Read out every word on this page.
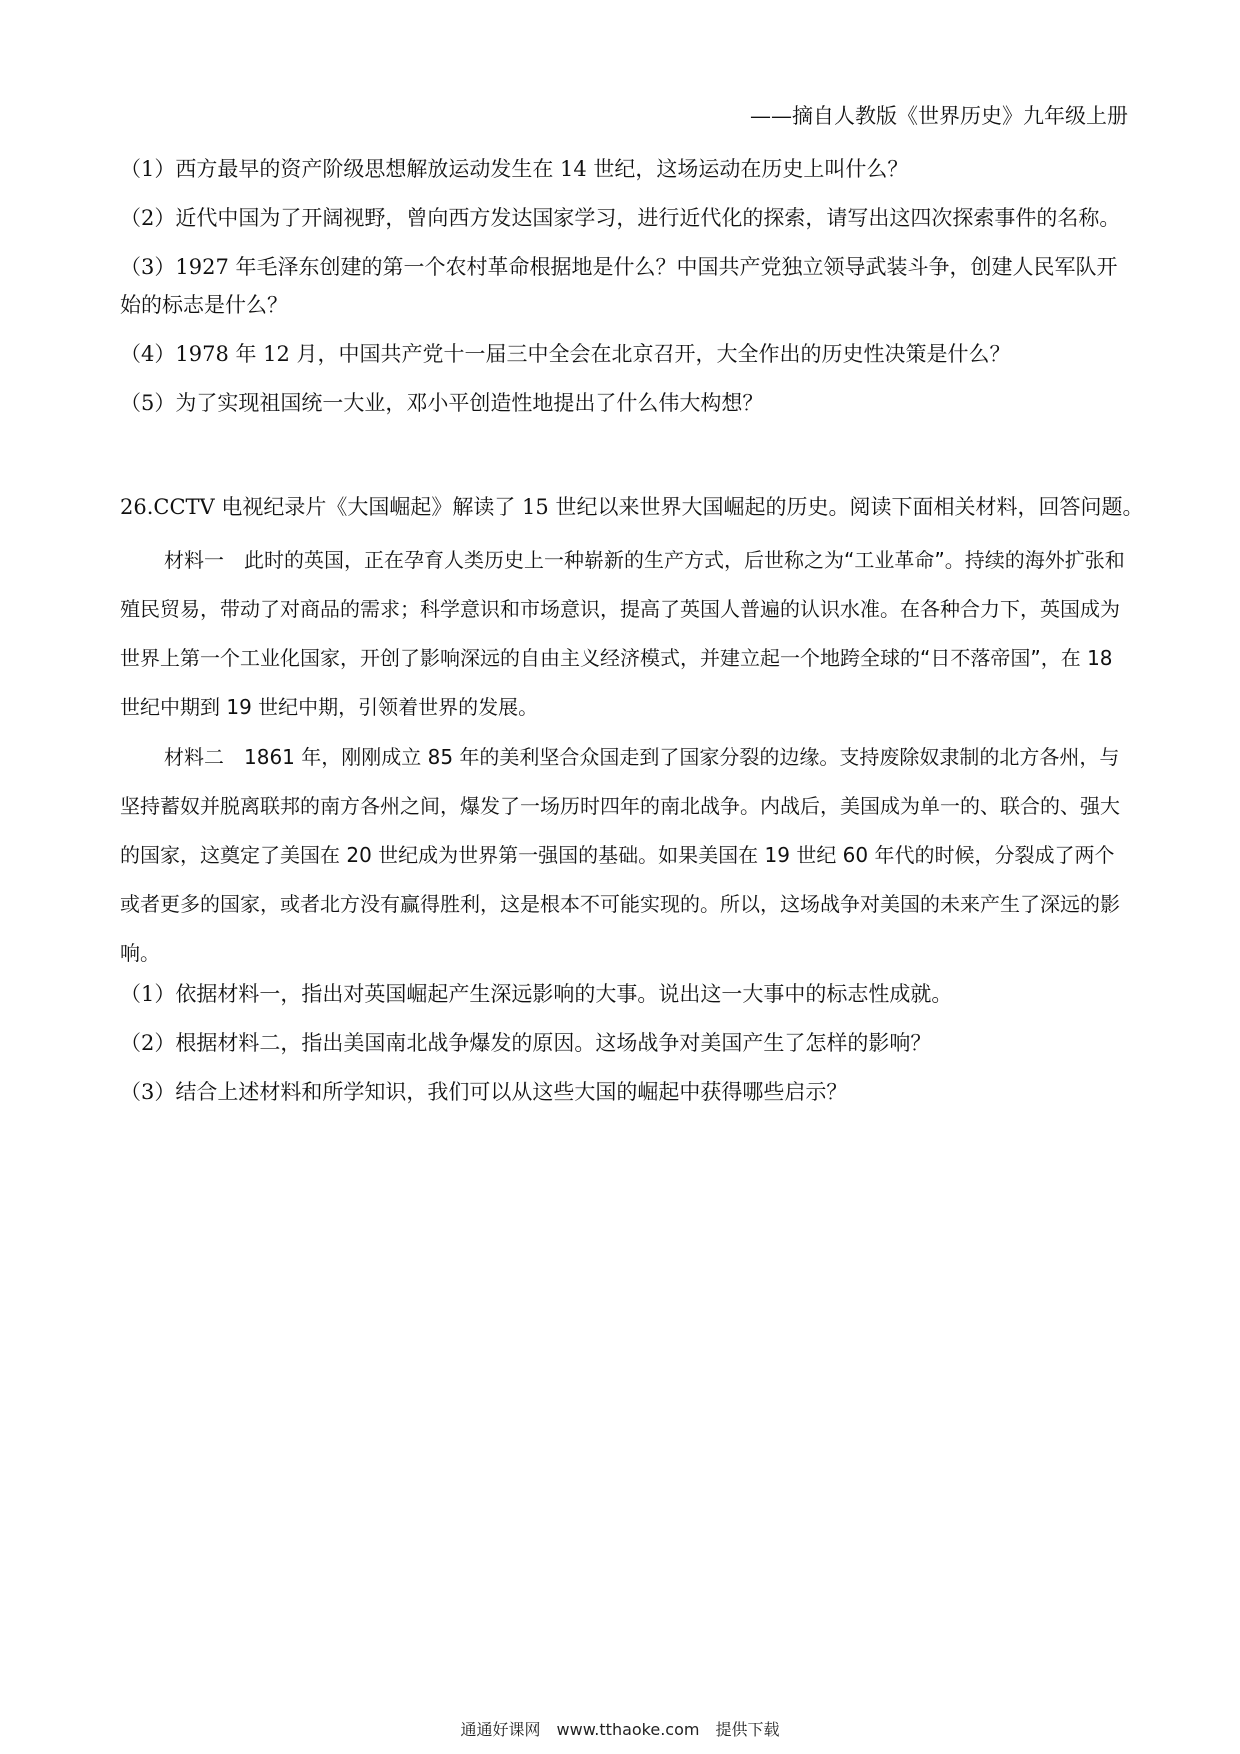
——摘自人教版《世界历史》九年级上册

（1）西方最早的资产阶级思想解放运动发生在 14 世纪，这场运动在历史上叫什么？

（2）近代中国为了开阔视野，曾向西方发达国家学习，进行近代化的探索，请写出这四次探索事件的名称。

（3）1927 年毛泽东创建的第一个农村革命根据地是什么？中国共产党独立领导武装斗争，创建人民军队开始的标志是什么？

（4）1978 年 12 月，中国共产党十一届三中全会在北京召开，大全作出的历史性决策是什么？

（5）为了实现祖国统一大业，邓小平创造性地提出了什么伟大构想？

26.CCTV 电视纪录片《大国崛起》解读了 15 世纪以来世界大国崛起的历史。阅读下面相关材料，回答问题。

材料一　此时的英国，正在孕育人类历史上一种崭新的生产方式，后世称之为“工业革命”。持续的海外扩张和殖民贸易，带动了对商品的需求；科学意识和市场意识，提高了英国人普遍的认识水准。在各种合力下，英国成为世界上第一个工业化国家，开创了影响深远的自由主义经济模式，并建立起一个地跨全球的“日不落帝国”，在 18 世纪中期到 19 世纪中期，引领着世界的发展。

材料二　1861 年，刚刚成立 85 年的美利坚合众国走到了国家分裂的边缘。支持废除奴隶制的北方各州，与坚持蓄奴并脱离联邦的南方各州之间，爆发了一场历时四年的南北战争。内战后，美国成为单一的、联合的、强大的国家，这奠定了美国在 20 世纪成为世界第一强国的基础。如果美国在 19 世纪 60 年代的时候，分裂成了两个或者更多的国家，或者北方没有赢得胜利，这是根本不可能实现的。所以，这场战争对美国的未来产生了深远的影响。

（1）依据材料一，指出对英国崛起产生深远影响的大事。说出这一大事中的标志性成就。

（2）根据材料二，指出美国南北战争爆发的原因。这场战争对美国产生了怎样的影响？

（3）结合上述材料和所学知识，我们可以从这些大国的崛起中获得哪些启示？

通通好课网　www.tthaoke.com　提供下载
